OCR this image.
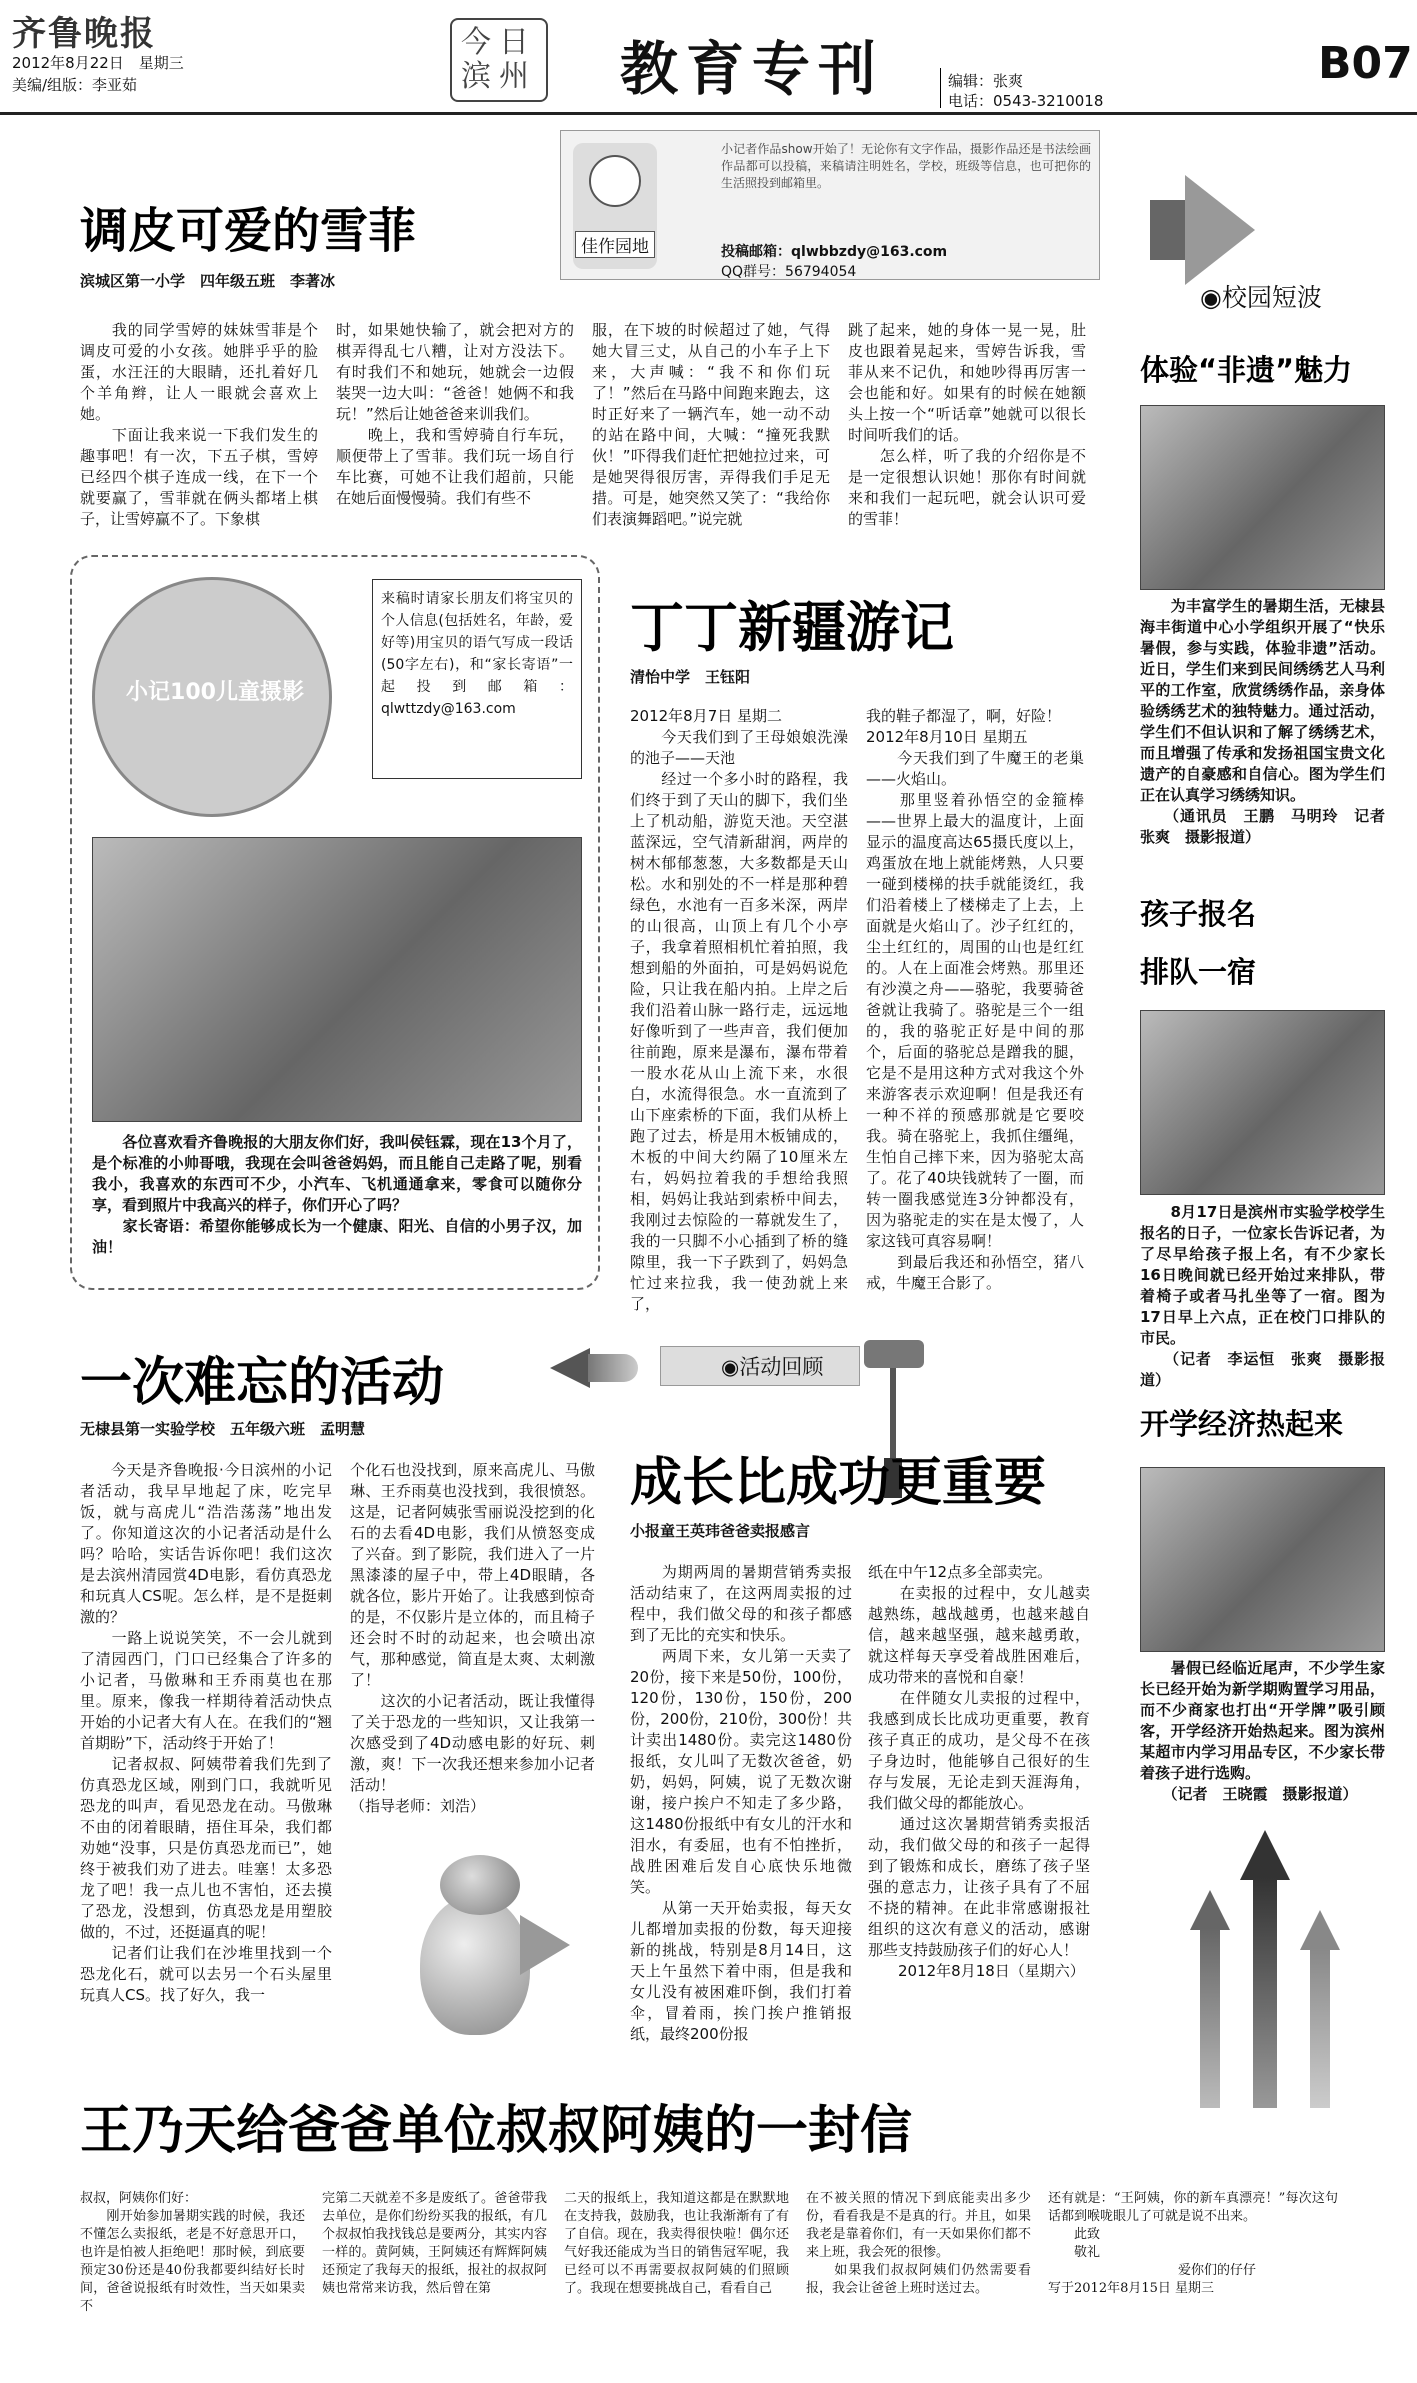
齐鲁晚报
2012年8月22日　星期三
美编/组版：李亚茹
今日滨州 教育专刊	编辑：张爽
电话：0543-3210018
B07
佳作园地
小记者作品show开始了！无论你有文字作品，摄影作品还是书法绘画作品都可以投稿，来稿请注明姓名，学校，班级等信息，也可把你的生活照投到邮箱里。
投稿邮箱：qlwbbzdy@163.com
QQ群号：56794054
调皮可爱的雪菲
滨城区第一小学　四年级五班　李著冰
　　我的同学雪婷的妹妹雪菲是个调皮可爱的小女孩。她胖乎乎的脸蛋，水汪汪的大眼睛，还扎着好几个羊角辫，让人一眼就会喜欢上她。
　　下面让我来说一下我们发生的趣事吧！有一次，下五子棋，雪婷已经四个棋子连成一线，在下一个就要赢了，雪菲就在俩头都堵上棋子，让雪婷赢不了。下象棋
时，如果她快输了，就会把对方的棋弄得乱七八糟，让对方没法下。有时我们不和她玩，她就会一边假装哭一边大叫：“爸爸！她俩不和我玩！”然后让她爸爸来训我们。
　　晚上，我和雪婷骑自行车玩，顺便带上了雪菲。我们玩一场自行车比赛，可她不让我们超前，只能在她后面慢慢骑。我们有些不
服，在下坡的时候超过了她，气得她大冒三丈，从自己的小车子上下来，大声喊：“我不和你们玩了！”然后在马路中间跑来跑去，这时正好来了一辆汽车，她一动不动的站在路中间，大喊：“撞死我默伙！”吓得我们赶忙把她拉过来，可是她哭得很厉害，弄得我们手足无措。可是，她突然又笑了：“我给你们表演舞蹈吧。”说完就
跳了起来，她的身体一晃一晃，肚皮也跟着晃起来，雪婷告诉我，雪菲从来不记仇，和她吵得再厉害一会也能和好。如果有的时候在她额头上按一个“听话章”她就可以很长时间听我们的话。
　　怎么样，听了我的介绍你是不是一定很想认识她！那你有时间就来和我们一起玩吧，就会认识可爱的雪菲！
小记100儿童摄影
来稿时请家长朋友们将宝贝的个人信息(包括姓名，年龄，爱好等)用宝贝的语气写成一段话(50字左右)，和“家长寄语”一起投到邮箱：qlwttzdy@163.com
　　各位喜欢看齐鲁晚报的大朋友你们好，我叫侯钰霖，现在13个月了，是个标准的小帅哥哦，我现在会叫爸爸妈妈，而且能自己走路了呢，别看我小，我喜欢的东西可不少，小汽车、飞机通通拿来，零食可以随你分享，看到照片中我高兴的样子，你们开心了吗？
　　家长寄语：希望你能够成长为一个健康、阳光、自信的小男子汉，加油！
丁丁新疆游记
清怡中学　王钰阳
2012年8月7日 星期二
　　今天我们到了王母娘娘洗澡的池子——天池
　　经过一个多小时的路程，我们终于到了天山的脚下，我们坐上了机动船，游览天池。天空湛蓝深远，空气清新甜润，两岸的树木郁郁葱葱，大多数都是天山松。水和别处的不一样是那种碧绿色，水池有一百多米深，两岸的山很高，山顶上有几个小亭子，我拿着照相机忙着拍照，我想到船的外面拍，可是妈妈说危险，只让我在船内拍。上岸之后我们沿着山脉一路行走，远远地好像听到了一些声音，我们便加往前跑，原来是瀑布，瀑布带着一股水花从山上流下来，水很白，水流得很急。水一直流到了山下座索桥的下面，我们从桥上跑了过去，桥是用木板铺成的，木板的中间大约隔了10厘米左右，妈妈拉着我的手想给我照相，妈妈让我站到索桥中间去，我刚过去惊险的一幕就发生了，我的一只脚不小心插到了桥的缝隙里，我一下子跌到了，妈妈急忙过来拉我，我一使劲就上来了，
我的鞋子都湿了，啊，好险！
2012年8月10日 星期五
　　今天我们到了牛魔王的老巢——火焰山。
　　那里竖着孙悟空的金箍棒——世界上最大的温度计，上面显示的温度高达65摄氏度以上，鸡蛋放在地上就能烤熟，人只要一碰到楼梯的扶手就能烫红，我们沿着楼上了楼梯走了上去，上面就是火焰山了。沙子红红的，尘土红红的，周围的山也是红红的。人在上面准会烤熟。那里还有沙漠之舟——骆驼，我要骑爸爸就让我骑了。骆驼是三个一组的，我的骆驼正好是中间的那个，后面的骆驼总是蹭我的腿，它是不是用这种方式对我这个外来游客表示欢迎啊！但是我还有一种不祥的预感那就是它要咬我。骑在骆驼上，我抓住缰绳，生怕自己摔下来，因为骆驼太高了。花了40块钱就转了一圈，而转一圈我感觉连3分钟都没有，因为骆驼走的实在是太慢了，人家这钱可真容易啊！
　　到最后我还和孙悟空，猪八戒，牛魔王合影了。
◉校园短波
体验“非遗”魅力
　　为丰富学生的暑期生活，无棣县海丰街道中心小学组织开展了“快乐暑假，参与实践，体验非遗”活动。近日，学生们来到民间绣绣艺人马利平的工作室，欣赏绣绣作品，亲身体验绣绣艺术的独特魅力。通过活动，学生们不但认识和了解了绣绣艺术，而且增强了传承和发扬祖国宝贵文化遗产的自豪感和自信心。图为学生们正在认真学习绣绣知识。
　　（通讯员　王鹏　马明玲　记者　张爽　摄影报道）
孩子报名
排队一宿
　　8月17日是滨州市实验学校学生报名的日子，一位家长告诉记者，为了尽早给孩子报上名，有不少家长16日晚间就已经开始过来排队，带着椅子或者马扎坐等了一宿。图为17日早上六点，正在校门口排队的市民。
　　（记者　李运恒　张爽　摄影报道）
开学经济热起来
　　暑假已经临近尾声，不少学生家长已经开始为新学期购置学习用品，而不少商家也打出“开学牌”吸引顾客，开学经济开始热起来。图为滨州某超市内学习用品专区，不少家长带着孩子进行选购。
　　（记者　王晓霞　摄影报道）
一次难忘的活动	◉活动回顾
无棣县第一实验学校　五年级六班　孟明慧
　　今天是齐鲁晚报·今日滨州的小记者活动，我早早地起了床，吃完早饭，就与高虎儿“浩浩荡荡”地出发了。你知道这次的小记者活动是什么吗？哈哈，实话告诉你吧！我们这次是去滨州清园赏4D电影，看仿真恐龙和玩真人CS呢。怎么样，是不是挺刺激的？
　　一路上说说笑笑，不一会儿就到了清园西门，门口已经集合了许多的小记者，马傲琳和王乔雨莫也在那里。原来，像我一样期待着活动快点开始的小记者大有人在。在我们的“翘首期盼”下，活动终于开始了！
　　记者叔叔、阿姨带着我们先到了仿真恐龙区域，刚到门口，我就听见恐龙的叫声，看见恐龙在动。马傲琳不由的闭着眼睛，捂住耳朵，我们都劝她“没事，只是仿真恐龙而已”，她终于被我们劝了进去。哇塞！太多恐龙了吧！我一点儿也不害怕，还去摸了恐龙，没想到，仿真恐龙是用塑胶做的，不过，还挺逼真的呢！
　　记者们让我们在沙堆里找到一个恐龙化石，就可以去另一个石头屋里玩真人CS。找了好久，我一
个化石也没找到，原来高虎儿、马傲琳、王乔雨莫也没找到，我很愤怒。这是，记者阿姨张雪丽说没挖到的化石的去看4D电影，我们从愤怒变成了兴奋。到了影院，我们进入了一片黑漆漆的屋子中，带上4D眼睛，各就各位，影片开始了。让我感到惊奇的是，不仅影片是立体的，而且椅子还会时不时的动起来，也会喷出凉气，那种感觉，简直是太爽、太刺激了！
　　这次的小记者活动，既让我懂得了关于恐龙的一些知识，又让我第一次感受到了4D动感电影的好玩、刺激，爽！下一次我还想来参加小记者活动！
（指导老师：刘浩）
成长比成功更重要
小报童王英玮爸爸卖报感言
　　为期两周的暑期营销秀卖报活动结束了，在这两周卖报的过程中，我们做父母的和孩子都感到了无比的充实和快乐。
　　两周下来，女儿第一天卖了20份，接下来是50份，100份，120份，130份，150份，200份，200份，210份，300份！共计卖出1480份。卖完这1480份报纸，女儿叫了无数次爸爸，奶奶，妈妈，阿姨，说了无数次谢谢，接户挨户不知走了多少路，这1480份报纸中有女儿的汗水和泪水，有委屈，也有不怕挫折，战胜困难后发自心底快乐地微笑。
　　从第一天开始卖报，每天女儿都增加卖报的份数，每天迎接新的挑战，特别是8月14日，这天上午虽然下着中雨，但是我和女儿没有被困难吓倒，我们打着伞，冒着雨，挨门挨户推销报纸，最终200份报
纸在中午12点多全部卖完。
　　在卖报的过程中，女儿越卖越熟练，越战越勇，也越来越自信，越来越坚强，越来越勇敢，就这样每天享受着战胜困难后，成功带来的喜悦和自豪！
　　在伴随女儿卖报的过程中，我感到成长比成功更重要，教育孩子真正的成功，是父母不在孩子身边时，他能够自己很好的生存与发展，无论走到天涯海角，我们做父母的都能放心。
　　通过这次暑期营销秀卖报活动，我们做父母的和孩子一起得到了锻炼和成长，磨练了孩子坚强的意志力，让孩子具有了不屈不挠的精神。在此非常感谢报社组织的这次有意义的活动，感谢那些支持鼓励孩子们的好心人！
　　2012年8月18日（星期六）
王乃天给爸爸单位叔叔阿姨的一封信
叔叔，阿姨你们好：
　　刚开始参加暑期实践的时候，我还不懂怎么卖报纸，老是不好意思开口，也许是怕被人拒绝吧！那时候，到底要预定30份还是40份我都要纠结好长时间，爸爸说报纸有时效性，当天如果卖不
完第二天就差不多是废纸了。爸爸带我去单位，是你们纷纷买我的报纸，有几个叔叔怕我找钱总是要两分，其实内容一样的。黄阿姨，王阿姨还有辉辉阿姨还预定了我每天的报纸，报社的叔叔阿姨也常常来访我，然后曾在第
二天的报纸上，我知道这都是在默默地在支持我，鼓励我，也让我渐渐有了有了自信。现在，我卖得很快啦！偶尔还气好我还能成为当日的销售冠军呢，我已经可以不再需要叔叔阿姨的们照顾了。我现在想要挑战自己，看看自己
在不被关照的情况下到底能卖出多少份，看看我是不是真的行。并且，如果我老是靠着你们，有一天如果你们都不来上班，我会死的很惨。
　　如果我们叔叔阿姨们仍然需要看报，我会让爸爸上班时送过去。
还有就是：“王阿姨，你的新车真漂亮！”每次这句话都到喉咙眼儿了可就是说不出来。
　　此致
　　敬礼
　　　　　　　　　　爱你们的仔仔
写于2012年8月15日 星期三
